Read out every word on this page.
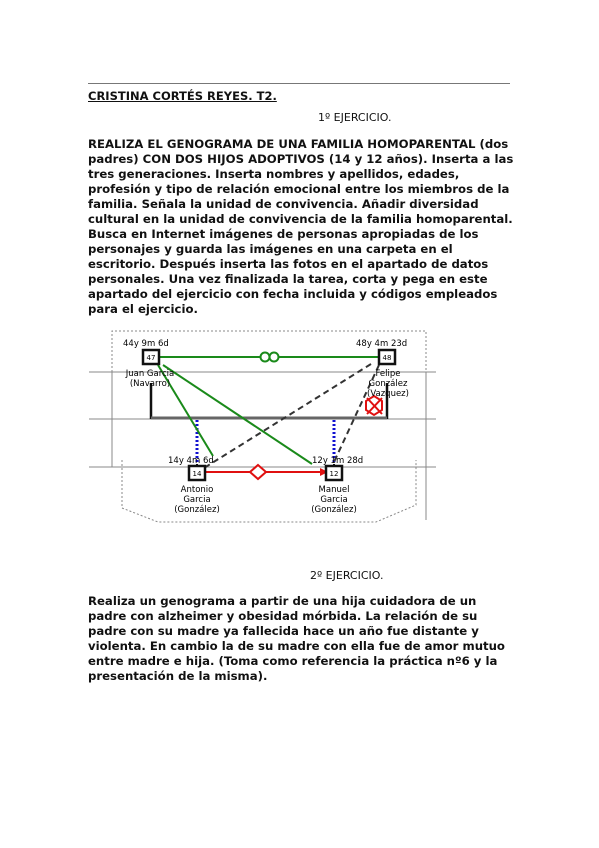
CRISTINA CORTÉS REYES. T2.
1º EJERCICIO.
REALIZA EL GENOGRAMA DE UNA FAMILIA HOMOPARENTAL (dos padres) CON DOS HIJOS ADOPTIVOS (14 y 12 años). Inserta a las tres generaciones. Inserta nombres y apellidos, edades, profesión y tipo de relación emocional entre los miembros de la familia. Señala la unidad de convivencia. Añadir diversidad cultural en la unidad de convivencia de la familia homoparental. Busca en Internet imágenes de personas apropiadas de los personajes y guarda las imágenes en una carpeta en el escritorio. Después inserta las fotos en el apartado de datos personales. Una vez finalizada la tarea, corta y pega en este apartado del ejercicio con fecha incluida y códigos empleados para el ejercicio.
47	48
14	12
44y 9m 6d	48y 4m 23d
14y 4m 6d	12y 1m 28d
Juan Garcia
(Navarro)
Felipe
González
(Vazquez)
Antonio
Garcia
(González)
Manuel
Garcia
(González)
2º EJERCICIO.
Realiza un genograma a partir de una hija cuidadora de un padre con alzheimer y obesidad mórbida. La relación de su padre con su madre ya fallecida hace un año fue distante y violenta. En cambio la de su madre con ella fue de amor mutuo entre madre e hija. (Toma como referencia la práctica nº6 y la presentación de la misma).
